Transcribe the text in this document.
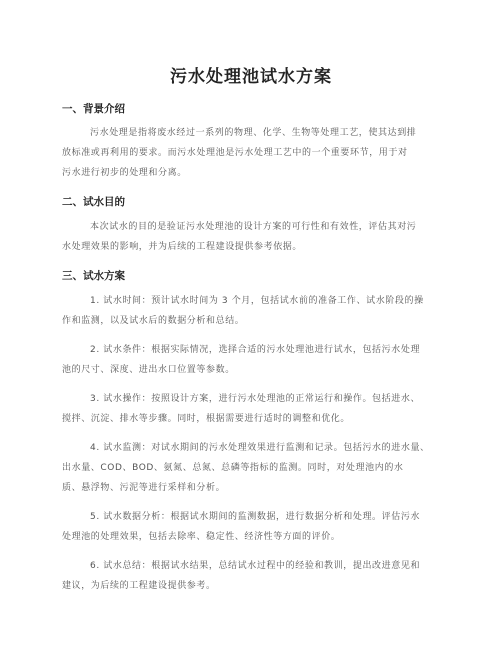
污水处理池试水方案
一、背景介绍
污水处理是指将废水经过一系列的物理、化学、生物等处理工艺，使其达到排
放标准或再利用的要求。而污水处理池是污水处理工艺中的一个重要环节，用于对
污水进行初步的处理和分离。
二、试水目的
本次试水的目的是验证污水处理池的设计方案的可行性和有效性，评估其对污
水处理效果的影响，并为后续的工程建设提供参考依据。
三、试水方案
1. 试水时间：预计试水时间为 3 个月，包括试水前的准备工作、试水阶段的操
作和监测，以及试水后的数据分析和总结。
2. 试水条件：根据实际情况，选择合适的污水处理池进行试水，包括污水处理
池的尺寸、深度、进出水口位置等参数。
3. 试水操作：按照设计方案，进行污水处理池的正常运行和操作。包括进水、
搅拌、沉淀、排水等步骤。同时，根据需要进行适时的调整和优化。
4. 试水监测：对试水期间的污水处理效果进行监测和记录。包括污水的进水量、
出水量、COD、BOD、氨氮、总氮、总磷等指标的监测。同时，对处理池内的水
质、悬浮物、污泥等进行采样和分析。
5. 试水数据分析：根据试水期间的监测数据，进行数据分析和处理。评估污水
处理池的处理效果，包括去除率、稳定性、经济性等方面的评价。
6. 试水总结：根据试水结果，总结试水过程中的经验和教训，提出改进意见和
建议，为后续的工程建设提供参考。
